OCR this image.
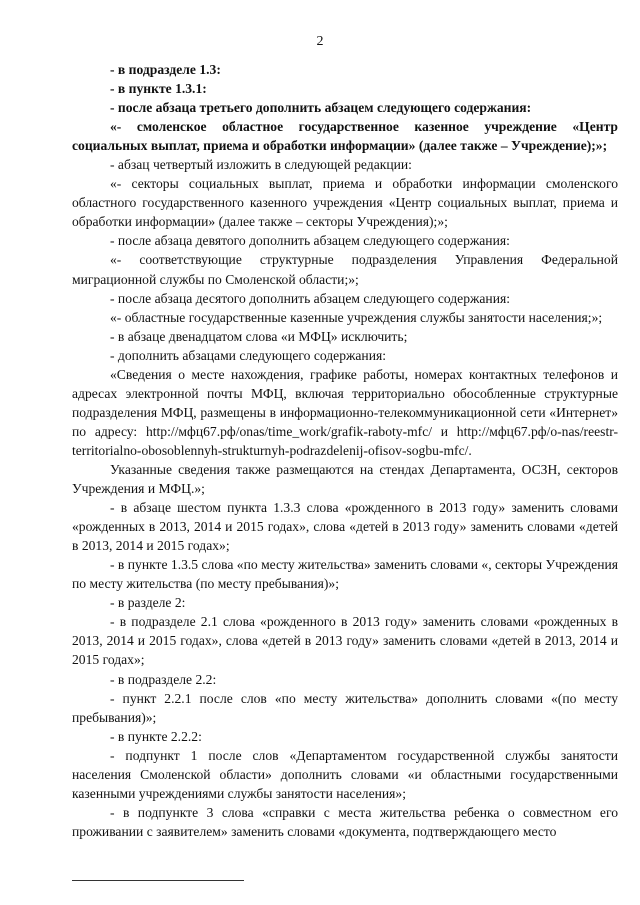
2

- в подразделе 1.3:

- в пункте 1.3.1:

- после абзаца третьего дополнить абзацем следующего содержания:

«- смоленское областное государственное казенное учреждение «Центр социальных выплат, приема и обработки информации» (далее также – Учреждение);»;

- абзац четвертый изложить в следующей редакции:

«- секторы социальных выплат, приема и обработки информации смоленского областного государственного казенного учреждения «Центр социальных выплат, приема и обработки информации» (далее также – секторы Учреждения);»;

- после абзаца девятого дополнить абзацем следующего содержания:

«- соответствующие структурные подразделения Управления Федеральной миграционной службы по Смоленской области;»;

- после абзаца десятого дополнить абзацем следующего содержания:

«- областные государственные казенные учреждения службы занятости населения;»;

- в абзаце двенадцатом слова «и МФЦ» исключить;

- дополнить абзацами следующего содержания:

«Сведения о месте нахождения, графике работы, номерах контактных телефонов и адресах электронной почты МФЦ, включая территориально обособленные структурные подразделения МФЦ, размещены в информационно-телекоммуникационной сети «Интернет» по адресу: http://мфц67.рф/onas/time_work/grafik-raboty-mfc/ и http://мфц67.рф/o-nas/reestr-territorialno-obosoblennyh-strukturnyh-podrazdelenij-ofisov-sogbu-mfc/.

Указанные сведения также размещаются на стендах Департамента, ОСЗН, секторов Учреждения и МФЦ.»;

- в абзаце шестом пункта 1.3.3 слова «рожденного в 2013 году» заменить словами «рожденных в 2013, 2014 и 2015 годах», слова «детей в 2013 году» заменить словами «детей в 2013, 2014 и 2015 годах»;

- в пункте 1.3.5 слова «по месту жительства» заменить словами «, секторы Учреждения по месту жительства (по месту пребывания)»;

- в разделе 2:

- в подразделе 2.1 слова «рожденного в 2013 году» заменить словами «рожденных в 2013, 2014 и 2015 годах», слова «детей в 2013 году» заменить словами «детей в 2013, 2014 и 2015 годах»;

- в подразделе 2.2:

- пункт 2.2.1 после слов «по месту жительства» дополнить словами «(по месту пребывания)»;

- в пункте 2.2.2:

- подпункт 1 после слов «Департаментом государственной службы занятости населения Смоленской области» дополнить словами «и областными государственными казенными учреждениями службы занятости населения»;

- в подпункте 3 слова «справки с места жительства ребенка о совместном его проживании с заявителем» заменить словами «документа, подтверждающего место
